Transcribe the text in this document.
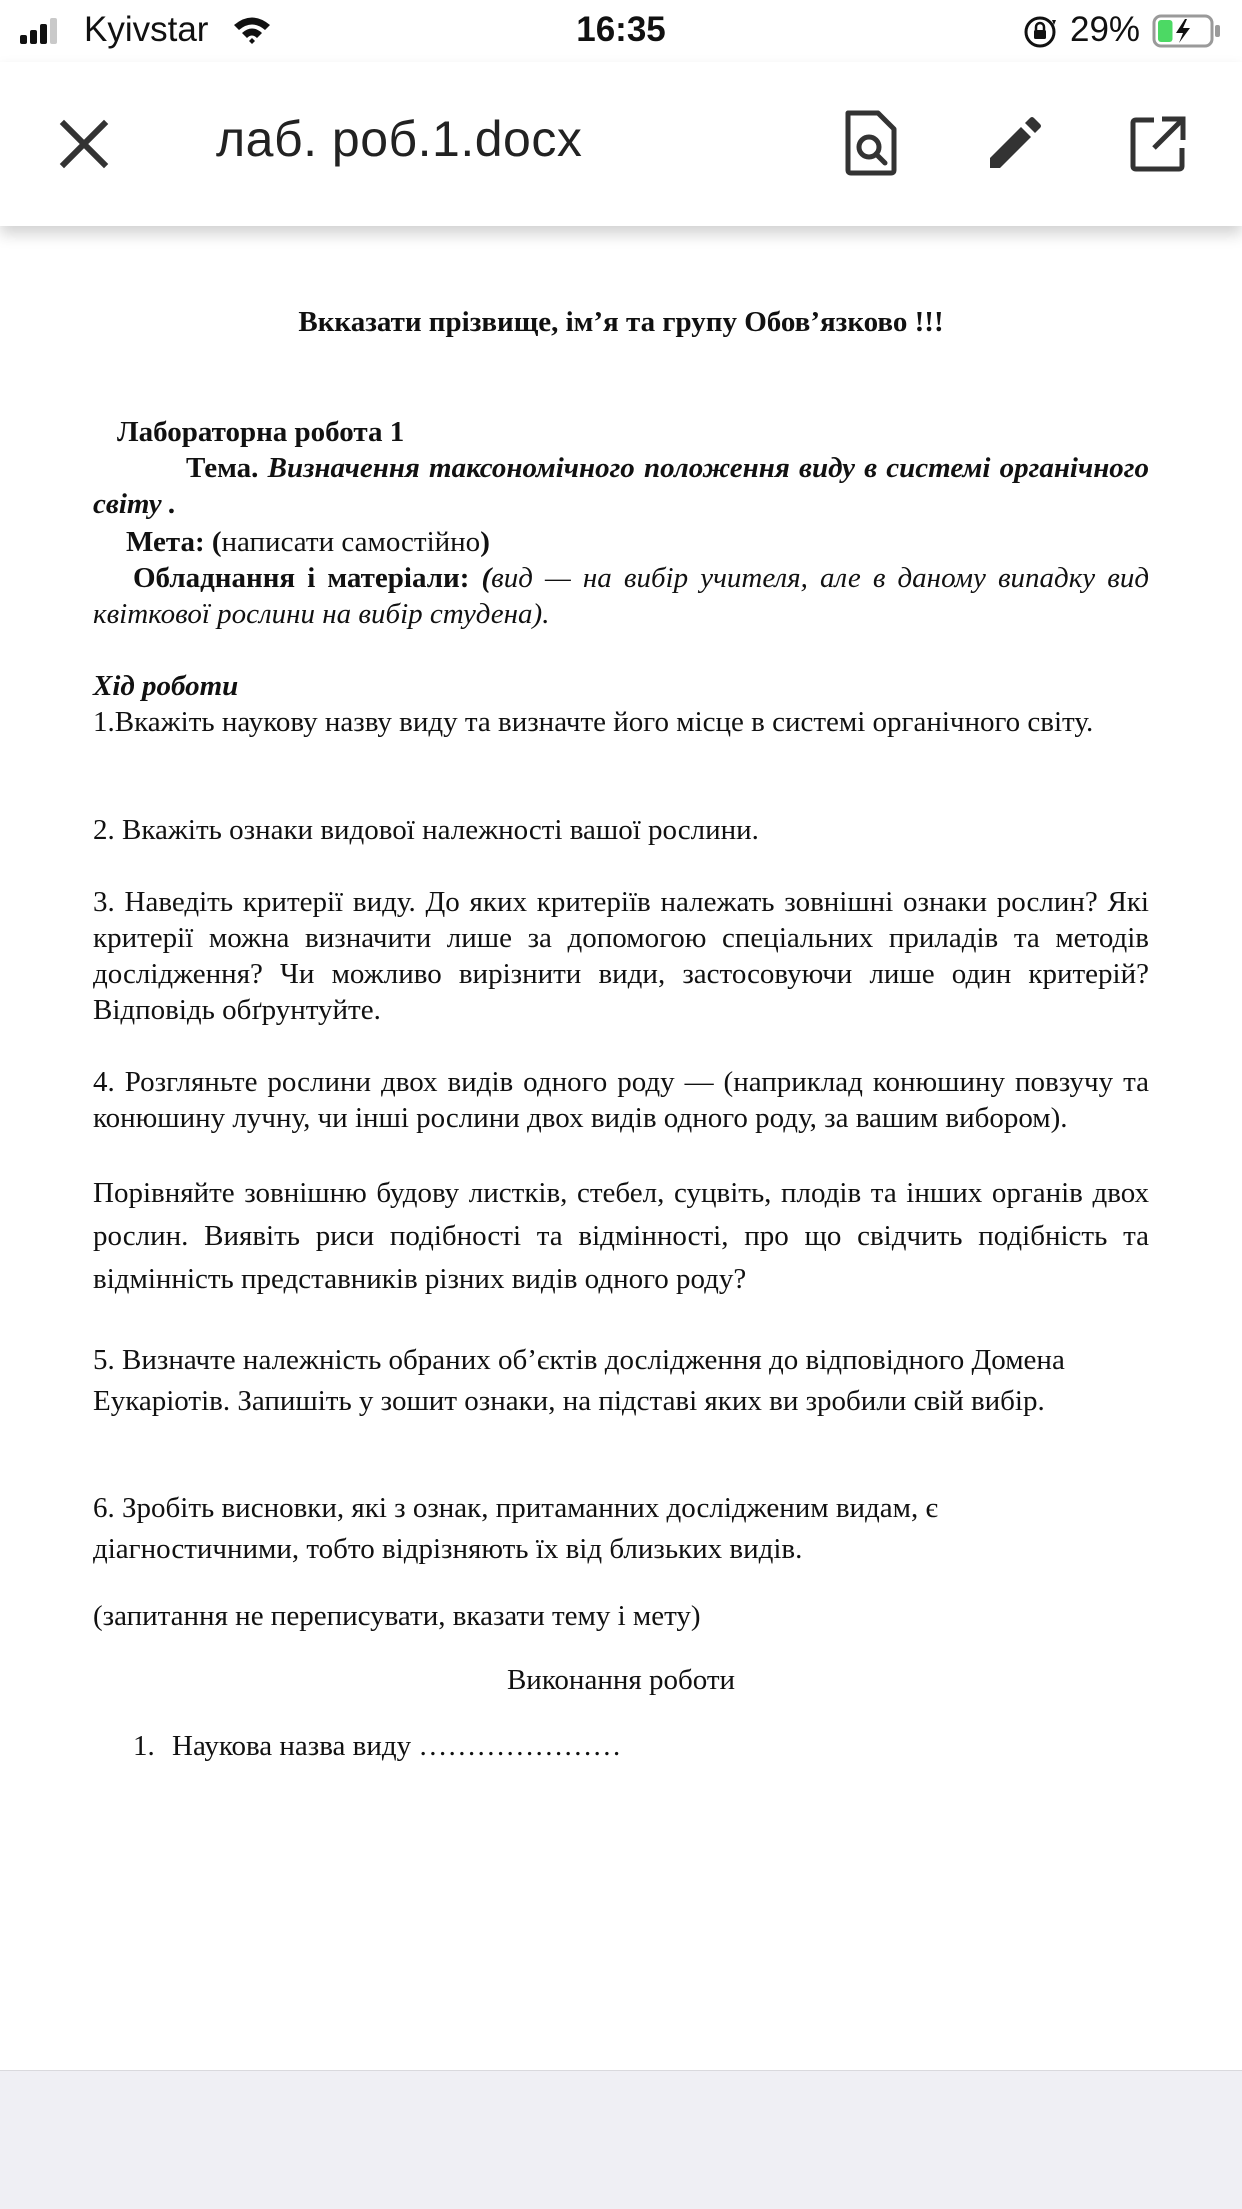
Kyivstar	16:35	29%
лаб. роб.1.docx
Вкказати прізвище, ім’я та групу Обов’язково !!!
Лабораторна робота 1
Тема. Визначення таксономічного положення виду в системі органічного світу .
Мета: (написати самостійно)
Обладнання і матеріали: (вид — на вибір учителя, але в даному випадку вид квіткової рослини на вибір студена).
Хід роботи
1.Вкажіть наукову назву виду та визначте його місце в системі органічного світу.
2. Вкажіть ознаки видової належності вашої рослини.
3. Наведіть критерії виду. До яких критеріїв належать зовнішні ознаки рослин? Які критерії можна визначити лише за допомогою спеціальних приладів та методів дослідження? Чи можливо вирізнити види, застосовуючи лише один критерій? Відповідь обґрунтуйте.
4. Розгляньте рослини двох видів одного роду — (наприклад конюшину повзучу та конюшину лучну, чи інші рослини двох видів одного роду, за вашим вибором).
Порівняйте зовнішню будову листків, стебел, суцвіть, плодів та інших органів двох рослин. Виявіть риси подібності та відмінності, про що свідчить подібність та відмінність представників різних видів одного роду?
5. Визначте належність обраних об’єктів дослідження до відповідного Домена Еукаріотів. Запишіть у зошит ознаки, на підставі яких ви зробили свій вибір.
6. Зробіть висновки, які з ознак, притаманних дослідженим видам, є діагностичними, тобто відрізняють їх від близьких видів.
(запитання не переписувати, вказати тему і мету)
Виконання роботи
1. Наукова назва виду …………………
